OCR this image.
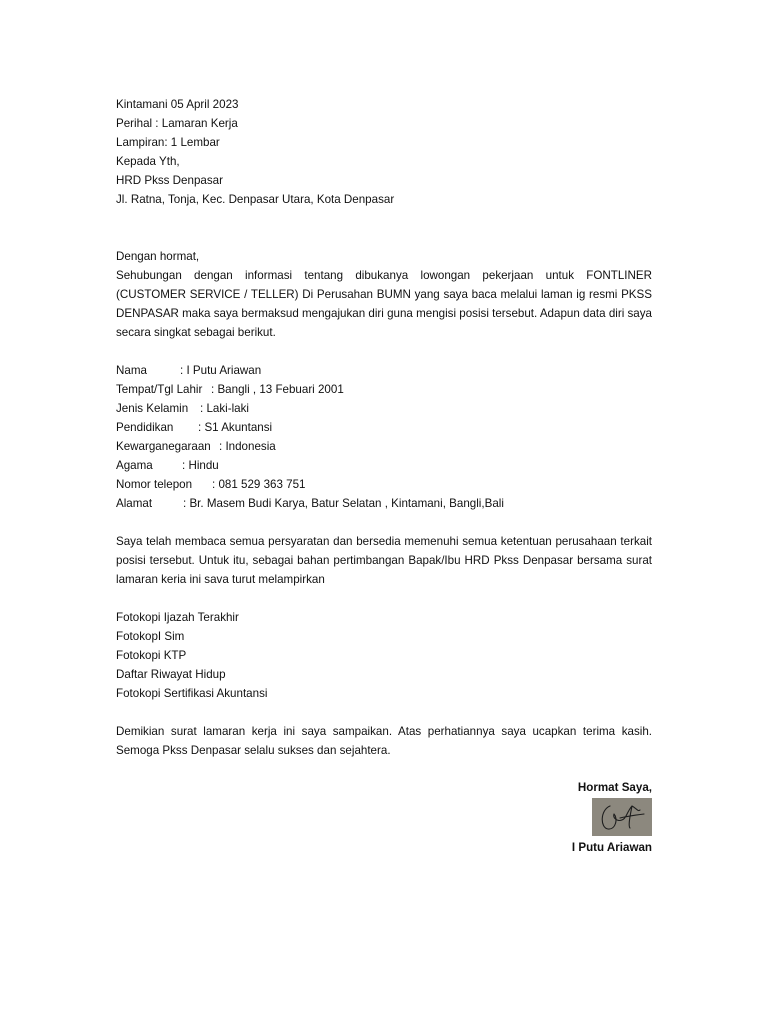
Kintamani 05 April 2023
Perihal : Lamaran Kerja
Lampiran: 1 Lembar
Kepada Yth,
HRD Pkss Denpasar
Jl. Ratna, Tonja, Kec. Denpasar Utara, Kota Denpasar
Dengan hormat,
Sehubungan dengan informasi tentang dibukanya lowongan pekerjaan untuk FONTLINER (CUSTOMER SERVICE / TELLER) Di Perusahan BUMN yang saya baca melalui laman ig resmi PKSS DENPASAR maka saya bermaksud mengajukan diri guna mengisi posisi tersebut. Adapun data diri saya secara singkat sebagai berikut.
Nama	: I Putu Ariawan
Tempat/Tgl Lahir : Bangli , 13 Febuari 2001
Jenis Kelamin	: Laki-laki
Pendidikan	: S1 Akuntansi
Kewarganegaraan : Indonesia
Agama	: Hindu
Nomor telepon	: 081 529 363 751
Alamat	: Br. Masem Budi Karya, Batur Selatan , Kintamani, Bangli,Bali
Saya telah membaca semua persyaratan dan bersedia memenuhi semua ketentuan perusahaan terkait posisi tersebut. Untuk itu, sebagai bahan pertimbangan Bapak/Ibu HRD Pkss Denpasar bersama surat lamaran keria ini sava turut melampirkan
Fotokopi Ijazah Terakhir
FotokopI Sim
Fotokopi KTP
Daftar Riwayat Hidup
Fotokopi Sertifikasi Akuntansi
Demikian surat lamaran kerja ini saya sampaikan. Atas perhatiannya saya ucapkan terima kasih. Semoga Pkss Denpasar selalu sukses dan sejahtera.
Hormat Saya,
I Putu Ariawan
